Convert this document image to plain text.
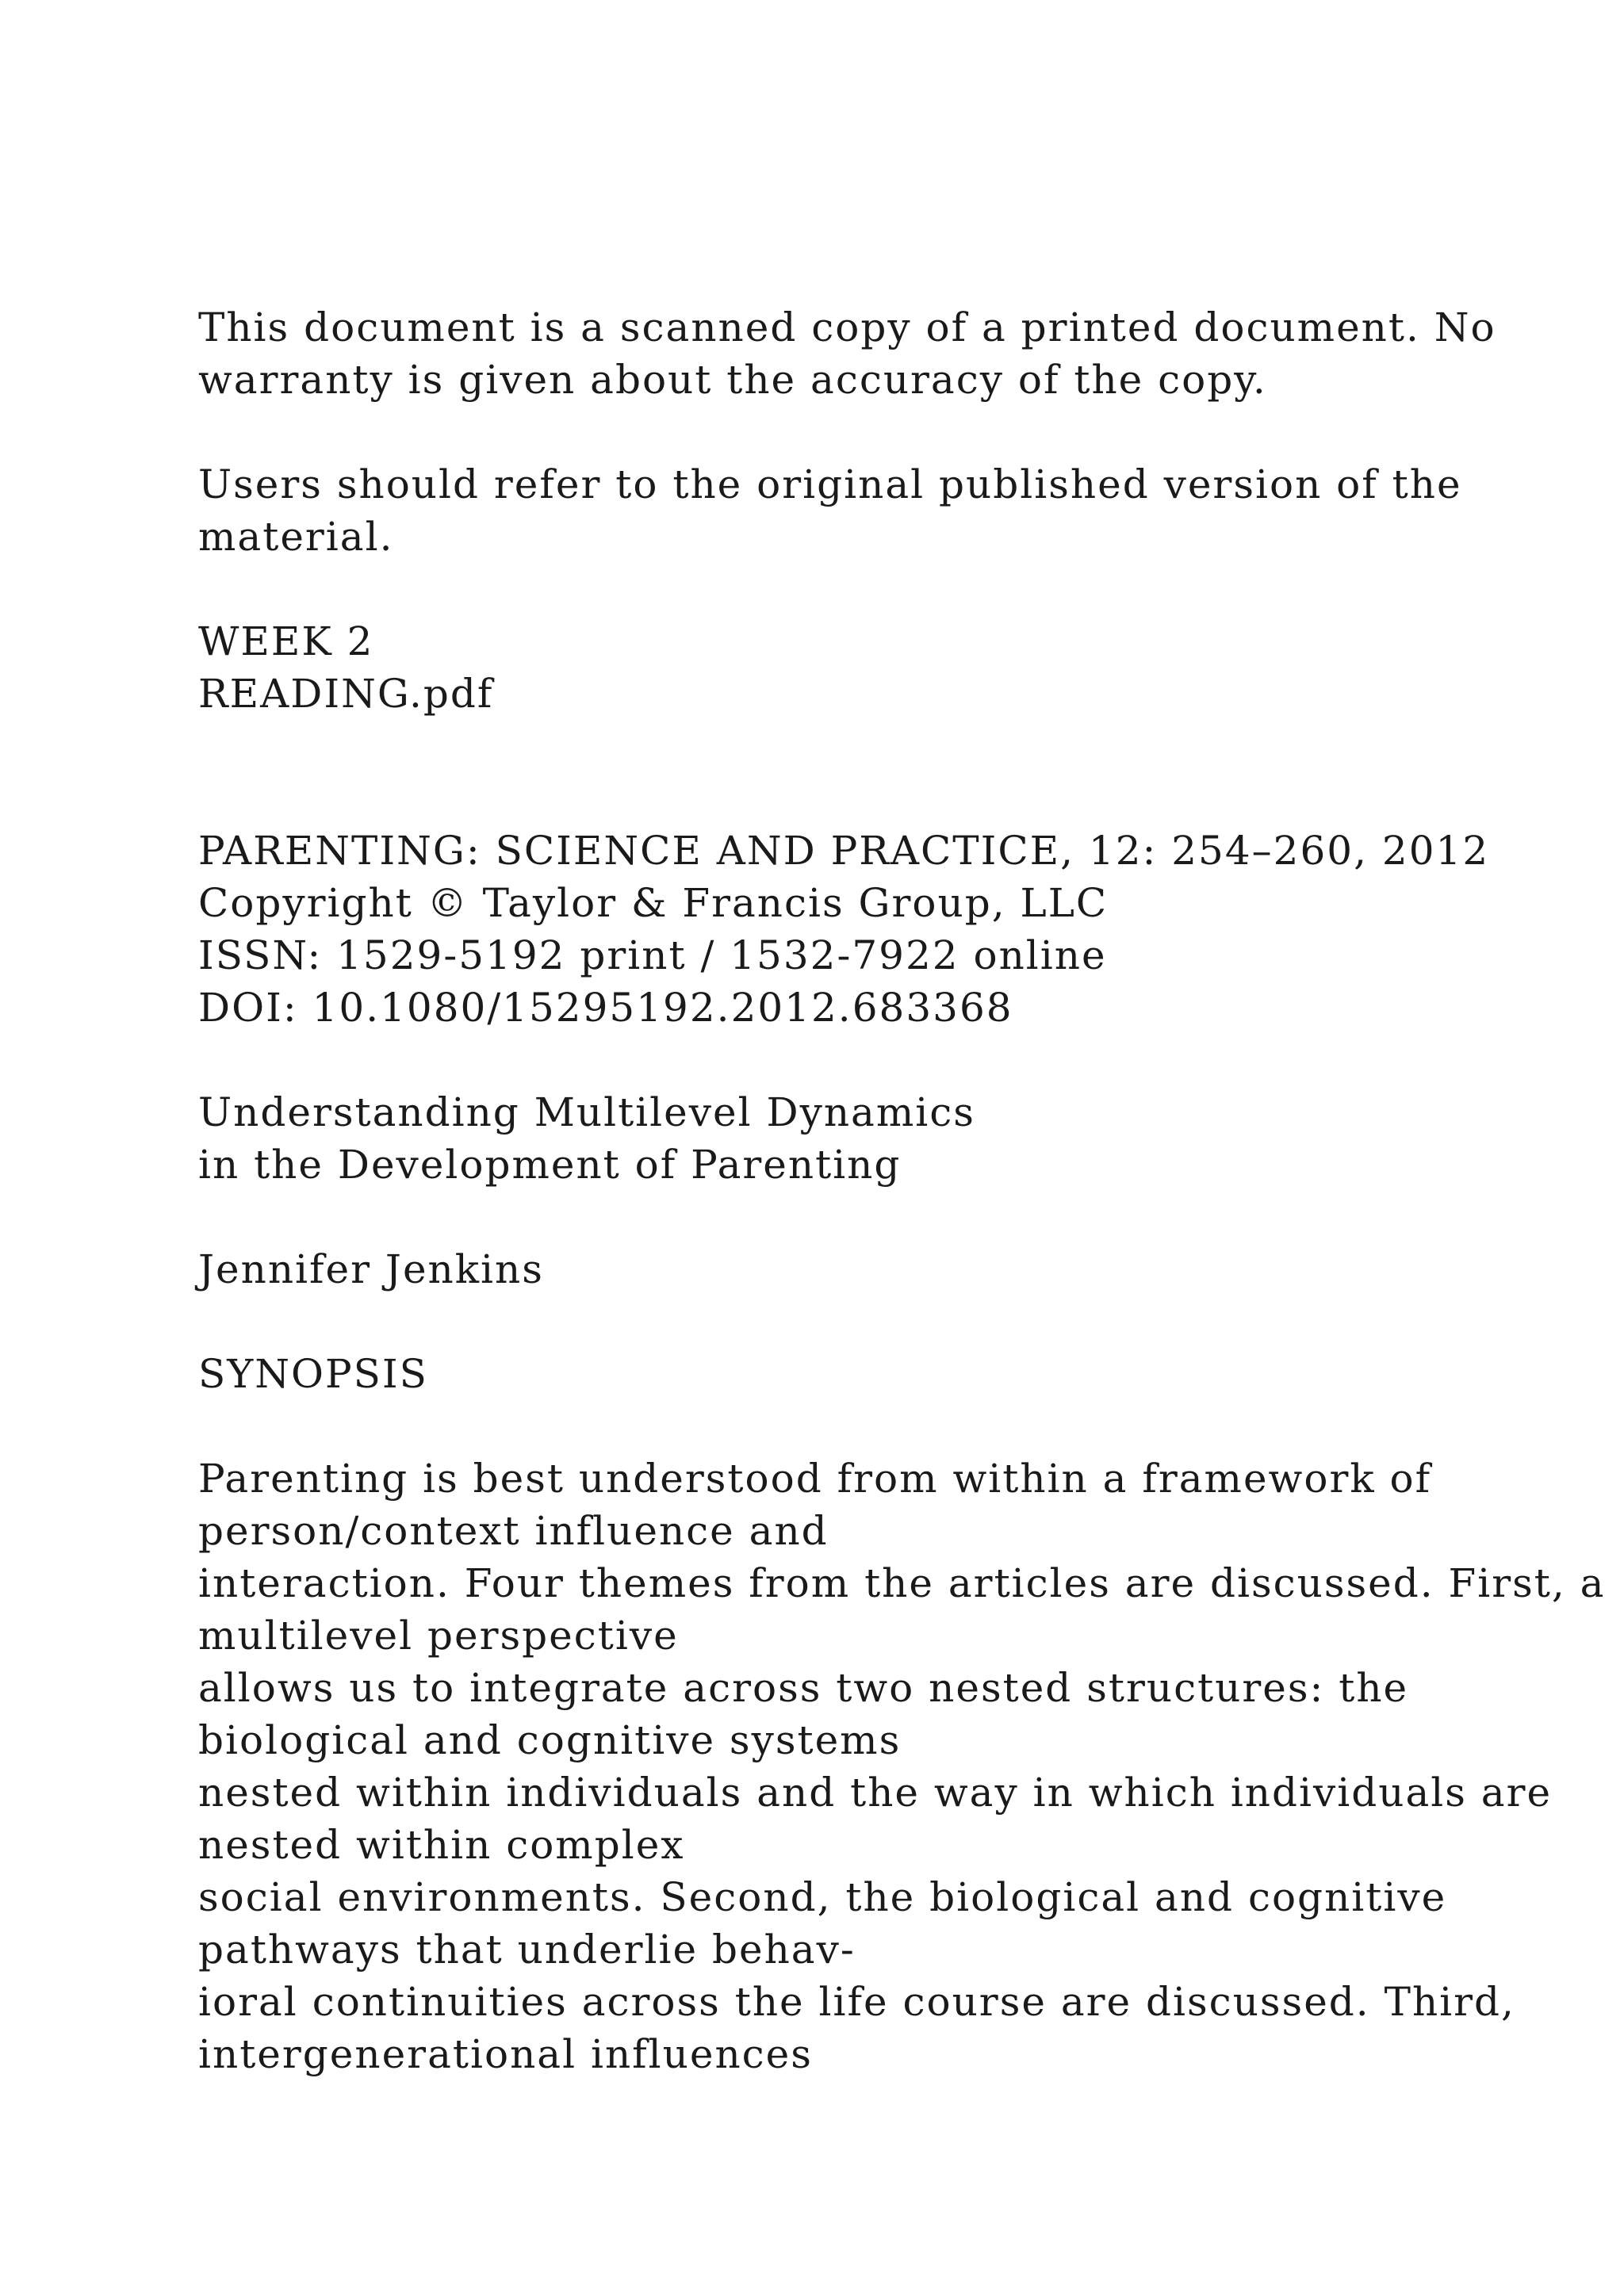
This document is a scanned copy of a printed document. No
warranty is given about the accuracy of the copy.
Users should refer to the original published version of the
material.
WEEK 2
READING.pdf
PARENTING: SCIENCE AND PRACTICE, 12: 254–260, 2012
Copyright © Taylor & Francis Group, LLC
ISSN: 1529-5192 print / 1532-7922 online
DOI: 10.1080/15295192.2012.683368
Understanding Multilevel Dynamics
in the Development of Parenting
Jennifer Jenkins
SYNOPSIS
Parenting is best understood from within a framework of
person/context influence and
interaction. Four themes from the articles are discussed. First, a
multilevel perspective
allows us to integrate across two nested structures: the
biological and cognitive systems
nested within individuals and the way in which individuals are
nested within complex
social environments. Second, the biological and cognitive
pathways that underlie behav-
ioral continuities across the life course are discussed. Third,
intergenerational influences
